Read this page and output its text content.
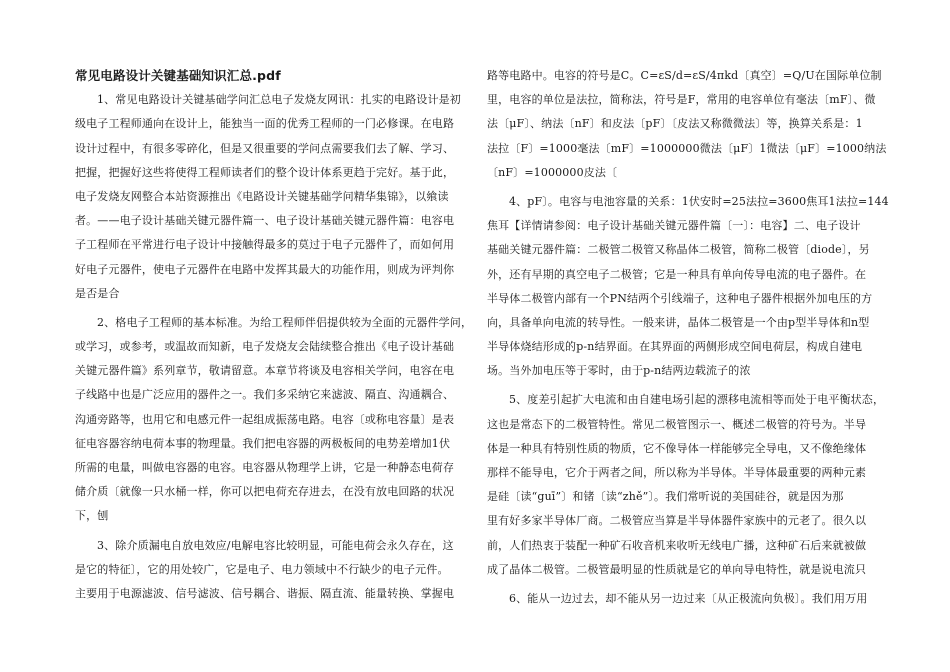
常见电路设计关键基础知识汇总.pdf
1、常见电路设计关键基础学问汇总电子发烧友网讯：扎实的电路设计是初
级电子工程师通向在设计上，能独当一面的优秀工程师的一门必修课。在电路
设计过程中，有很多零碎化，但是又很重要的学问点需要我们去了解、学习、
把握，把握好这些将使得工程师读者们的整个设计体系更趋于完好。基于此，
电子发烧友网整合本站资源推出《电路设计关键基础学问精华集锦》，以飨读
者。——电子设计基础关键元器件篇一、电子设计基础关键元器件篇：电容电
子工程师在平常进行电子设计中接触得最多的莫过于电子元器件了，而如何用
好电子元器件，使电子元器件在电路中发挥其最大的功能作用，则成为评判你
是否是合
2、格电子工程师的基本标准。为给工程师伴侣提供较为全面的元器件学问，
或学习，或参考，或温故而知新，电子发烧友会陆续整合推出《电子设计基础
关键元器件篇》系列章节，敬请留意。本章节将谈及电容相关学问，电容在电
子线路中也是广泛应用的器件之一。我们多采纳它来滤波、隔直、沟通耦合、
沟通旁路等，也用它和电感元件一起组成振荡电路。电容〔或称电容量〕是表
征电容器容纳电荷本事的物理量。我们把电容器的两极板间的电势差增加1伏
所需的电量，叫做电容器的电容。电容器从物理学上讲，它是一种静态电荷存
储介质〔就像一只水桶一样，你可以把电荷充存进去，在没有放电回路的状况
下，刨
3、除介质漏电自放电效应/电解电容比较明显，可能电荷会永久存在，这
是它的特征〕，它的用处较广，它是电子、电力领域中不行缺少的电子元件。
主要用于电源滤波、信号滤波、信号耦合、谐振、隔直流、能量转换、掌握电
路等电路中。电容的符号是C。C=εS/d=εS/4πkd〔真空〕=Q/U在国际单位制
里，电容的单位是法拉，简称法，符号是F，常用的电容单位有毫法〔mF〕、微
法〔μF〕、纳法〔nF〕和皮法〔pF〕〔皮法又称微微法〕等，换算关系是：1
法拉〔F〕=1000毫法〔mF〕=1000000微法〔μF〕1微法〔μF〕=1000纳法
〔nF〕=1000000皮法〔
4、pF〕。电容与电池容量的关系：1伏安时=25法拉=3600焦耳1法拉=144
焦耳【详情请参阅：电子设计基础关键元器件篇〔一〕：电容】二、电子设计
基础关键元器件篇：二极管二极管又称晶体二极管，简称二极管〔diode〕，另
外，还有早期的真空电子二极管；它是一种具有单向传导电流的电子器件。在
半导体二极管内部有一个PN结两个引线端子，这种电子器件根据外加电压的方
向，具备单向电流的转导性。一般来讲，晶体二极管是一个由p型半导体和n型
半导体烧结形成的p-n结界面。在其界面的两侧形成空间电荷层，构成自建电
场。当外加电压等于零时，由于p-n结两边载流子的浓
5、度差引起扩大电流和由自建电场引起的漂移电流相等而处于电平衡状态，
这也是常态下的二极管特性。常见二极管图示一、概述二极管的符号为。半导
体是一种具有特别性质的物质，它不像导体一样能够完全导电，又不像绝缘体
那样不能导电，它介于两者之间，所以称为半导体。半导体最重要的两种元素
是硅〔读“guī”〕和锗〔读“zhě”〕。我们常听说的美国硅谷，就是因为那
里有好多家半导体厂商。二极管应当算是半导体器件家族中的元老了。很久以
前，人们热衷于装配一种矿石收音机来收听无线电广播，这种矿石后来就被做
成了晶体二极管。二极管最明显的性质就是它的单向导电特性，就是说电流只
6、能从一边过去，却不能从另一边过来〔从正极流向负极〕。我们用万用
